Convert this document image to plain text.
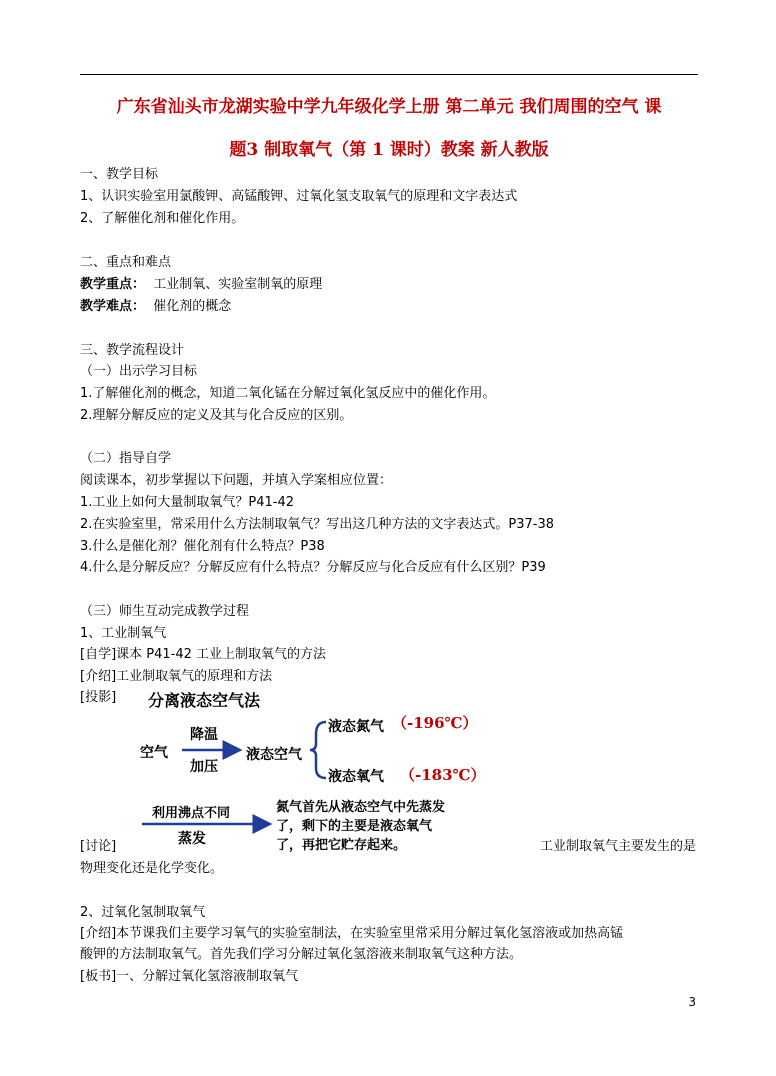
广东省汕头市龙湖实验中学九年级化学上册 第二单元 我们周围的空气 课
题3 制取氧气（第 1 课时）教案 新人教版
一、教学目标
1、认识实验室用氯酸钾、高锰酸钾、过氧化氢支取氧气的原理和文字表达式
2、了解催化剂和催化作用。
二、重点和难点
教学重点： 工业制氧、实验室制氧的原理
教学难点： 催化剂的概念
三、教学流程设计
（一）出示学习目标
1.了解催化剂的概念，知道二氧化锰在分解过氧化氢反应中的催化作用。
2.理解分解反应的定义及其与化合反应的区别。
（二）指导自学
阅读课本，初步掌握以下问题，并填入学案相应位置：
1.工业上如何大量制取氧气？P41-42
2.在实验室里，常采用什么方法制取氧气？写出这几种方法的文字表达式。P37-38
3.什么是催化剂？催化剂有什么特点？P38
4.什么是分解反应？分解反应有什么特点？分解反应与化合反应有什么区别？P39
（三）师生互动完成教学过程
1、工业制氧气
[自学]课本 P41-42 工业上制取氧气的方法
[介绍]工业制取氧气的原理和方法
[投影] 分离液态空气法
降温
空气
加压
液态空气
液态氮气 （-196℃）
液态氧气 （-183℃）
利用沸点不同
蒸发
氮气首先从液态空气中先蒸发
了，剩下的主要是液态氧气
了，再把它贮存起来。
[讨论]	工业制取氧气主要发生的是
物理变化还是化学变化。
2、过氧化氢制取氧气
[介绍]本节课我们主要学习氧气的实验室制法，在实验室里常采用分解过氧化氢溶液或加热高锰
酸钾的方法制取氧气。首先我们学习分解过氧化氢溶液来制取氧气这种方法。
[板书]一、分解过氧化氢溶液制取氧气
3
